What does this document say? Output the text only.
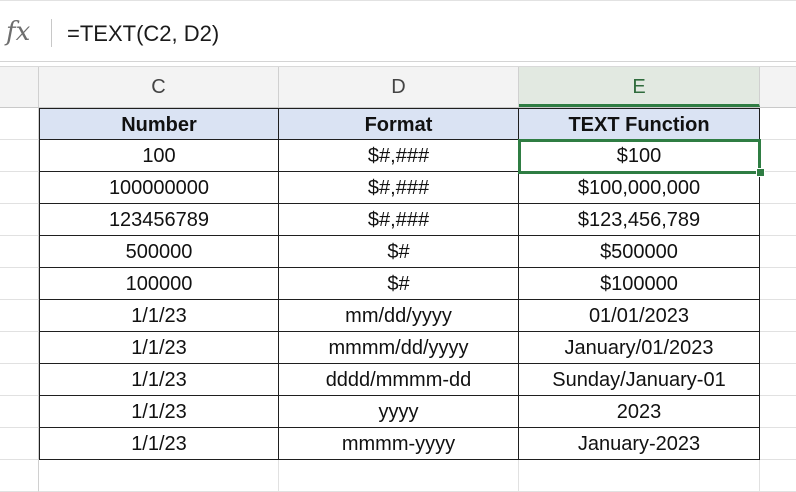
fx =TEXT(C2, D2)
C	D	E
Number	Format	TEXT Function
100	$#,###	$100
100000000	$#,###	$100,000,000
123456789	$#,###	$123,456,789
500000	$#	$500000
100000	$#	$100000
1/1/23	mm/dd/yyyy	01/01/2023
1/1/23	mmmm/dd/yyyy	January/01/2023
1/1/23	dddd/mmmm-dd	Sunday/January-01
1/1/23	yyyy	2023
1/1/23	mmmm-yyyy	January-2023
